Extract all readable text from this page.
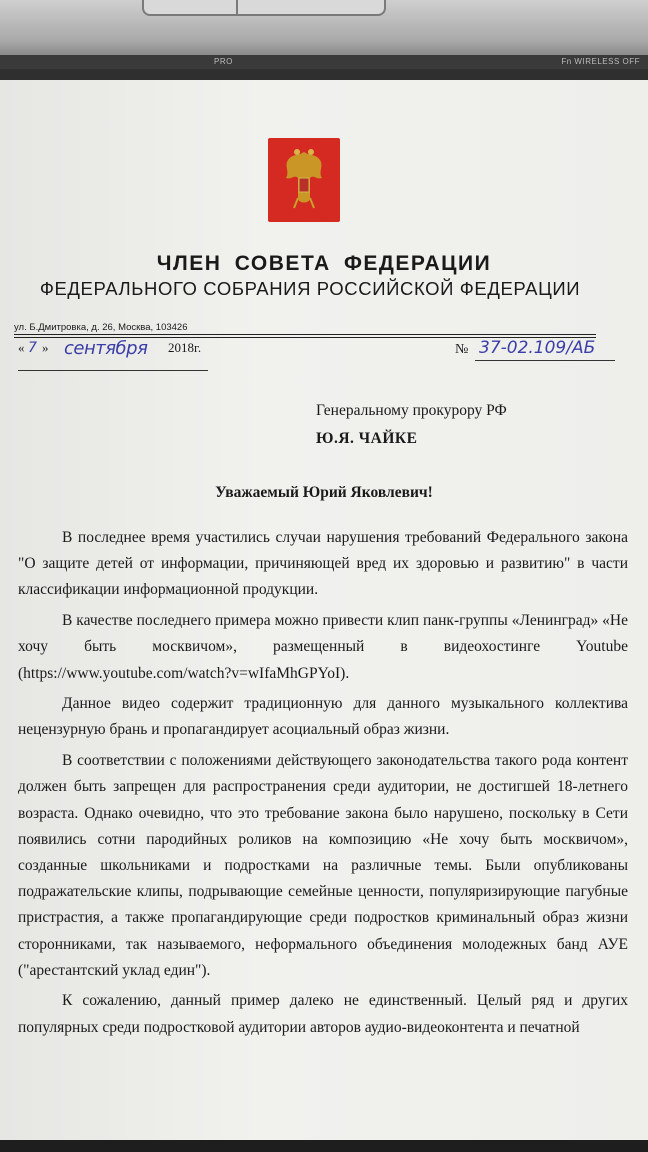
PRO	Fn WIRELESS OFF
ЧЛЕН СОВЕТА ФЕДЕРАЦИИ
ФЕДЕРАЛЬНОГО СОБРАНИЯ РОССИЙСКОЙ ФЕДЕРАЦИИ
ул. Б.Дмитровка, д. 26, Москва, 103426
« 7 » сентября 2018г.	№ 37-02.109/АБ
Генеральному прокурору РФ
Ю.Я. ЧАЙКЕ
Уважаемый Юрий Яковлевич!

В последнее время участились случаи нарушения требований Федерального закона "О защите детей от информации, причиняющей вред их здоровью и развитию" в части классификации информационной продукции.

В качестве последнего примера можно привести клип панк-группы «Ленинград» «Не хочу быть москвичом», размещенный в видеохостинге Youtube (https://www.youtube.com/watch?v=wIfaMhGPYoI).

Данное видео содержит традиционную для данного музыкального коллектива нецензурную брань и пропагандирует асоциальный образ жизни.

В соответствии с положениями действующего законодательства такого рода контент должен быть запрещен для распространения среди аудитории, не достигшей 18-летнего возраста. Однако очевидно, что это требование закона было нарушено, поскольку в Сети появились сотни пародийных роликов на композицию «Не хочу быть москвичом», созданные школьниками и подростками на различные темы. Были опубликованы подражательские клипы, подрывающие семейные ценности, популяризирующие пагубные пристрастия, а также пропагандирующие среди подростков криминальный образ жизни сторонниками, так называемого, неформального объединения молодежных банд АУЕ ("арестантский уклад един").

К сожалению, данный пример далеко не единственный. Целый ряд и других популярных среди подростковой аудитории авторов аудио-видеоконтента и печатной
